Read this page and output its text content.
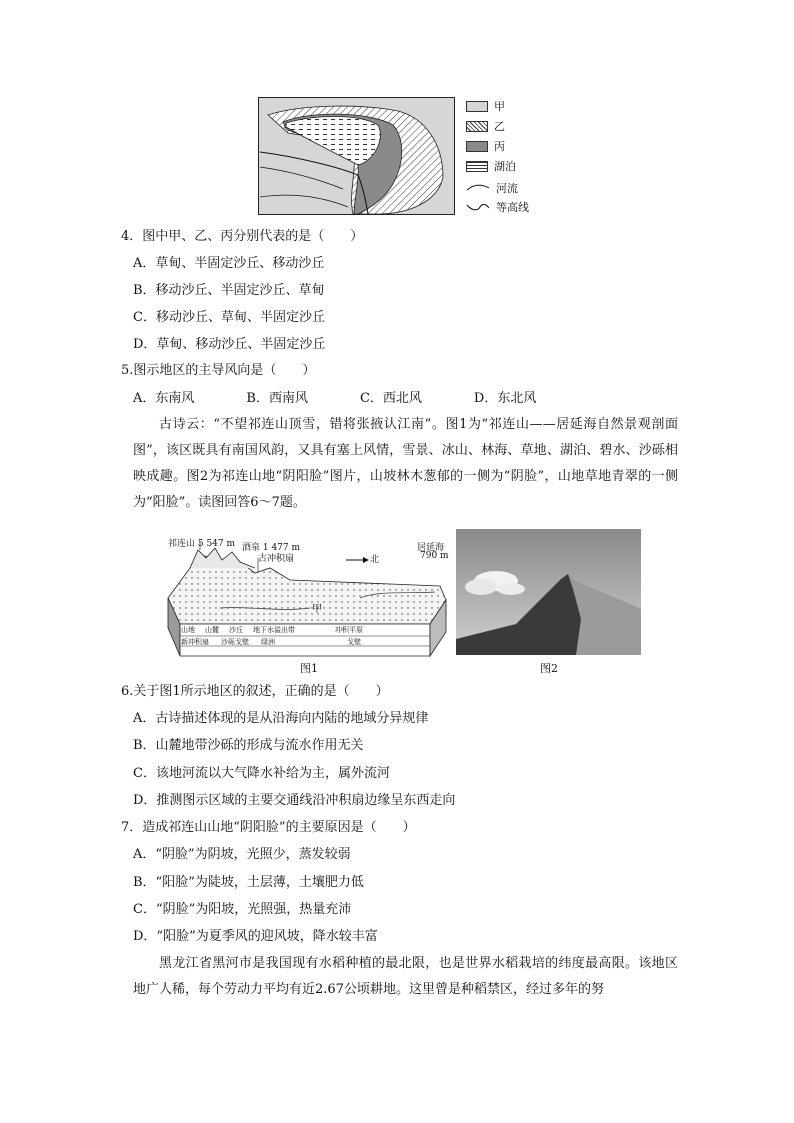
甲
乙
丙
湖泊
河流
等高线
4．图中甲、乙、丙分别代表的是（　　）
A．草甸、半固定沙丘、移动沙丘
B．移动沙丘、半固定沙丘、草甸
C．移动沙丘、草甸、半固定沙丘
D．草甸、移动沙丘、半固定沙丘
5.图示地区的主导风向是（　　）
A．东南风	B．西南风	C．西北风	D．东北风
古诗云：“不望祁连山顶雪，错将张掖认江南”。图1为“祁连山——居延海自然景观剖面图”，该区既具有南国风韵，又具有塞上风情，雪景、冰山、林海、草地、湖泊、碧水、沙砾相映成趣。图2为祁连山地“阴阳脸”图片，山坡林木葱郁的一侧为“阴脸”，山地草地青翠的一侧为“阳脸”。读图回答6～7题。
祁连山 5 547 m 酒泉 1 477 m
古冲积扇	北
居延海
790 m
甲
山地 山麓 沙丘 地下水溢出带	冲积平原
新冲积扇 沙砾戈壁 绿洲	戈壁
图1	图2
6.关于图1所示地区的叙述，正确的是（　　）
A．古诗描述体现的是从沿海向内陆的地域分异规律
B．山麓地带沙砾的形成与流水作用无关
C．该地河流以大气降水补给为主，属外流河
D．推测图示区域的主要交通线沿冲积扇边缘呈东西走向
7．造成祁连山山地“阴阳脸”的主要原因是（　　）
A．“阴脸”为阴坡，光照少，蒸发较弱
B．“阳脸”为陡坡，土层薄，土壤肥力低
C．“阴脸”为阳坡，光照强，热量充沛
D．“阳脸”为夏季风的迎风坡，降水较丰富
黑龙江省黑河市是我国现有水稻种植的最北限，也是世界水稻栽培的纬度最高限。该地区地广人稀，每个劳动力平均有近2.67公顷耕地。这里曾是种稻禁区，经过多年的努
